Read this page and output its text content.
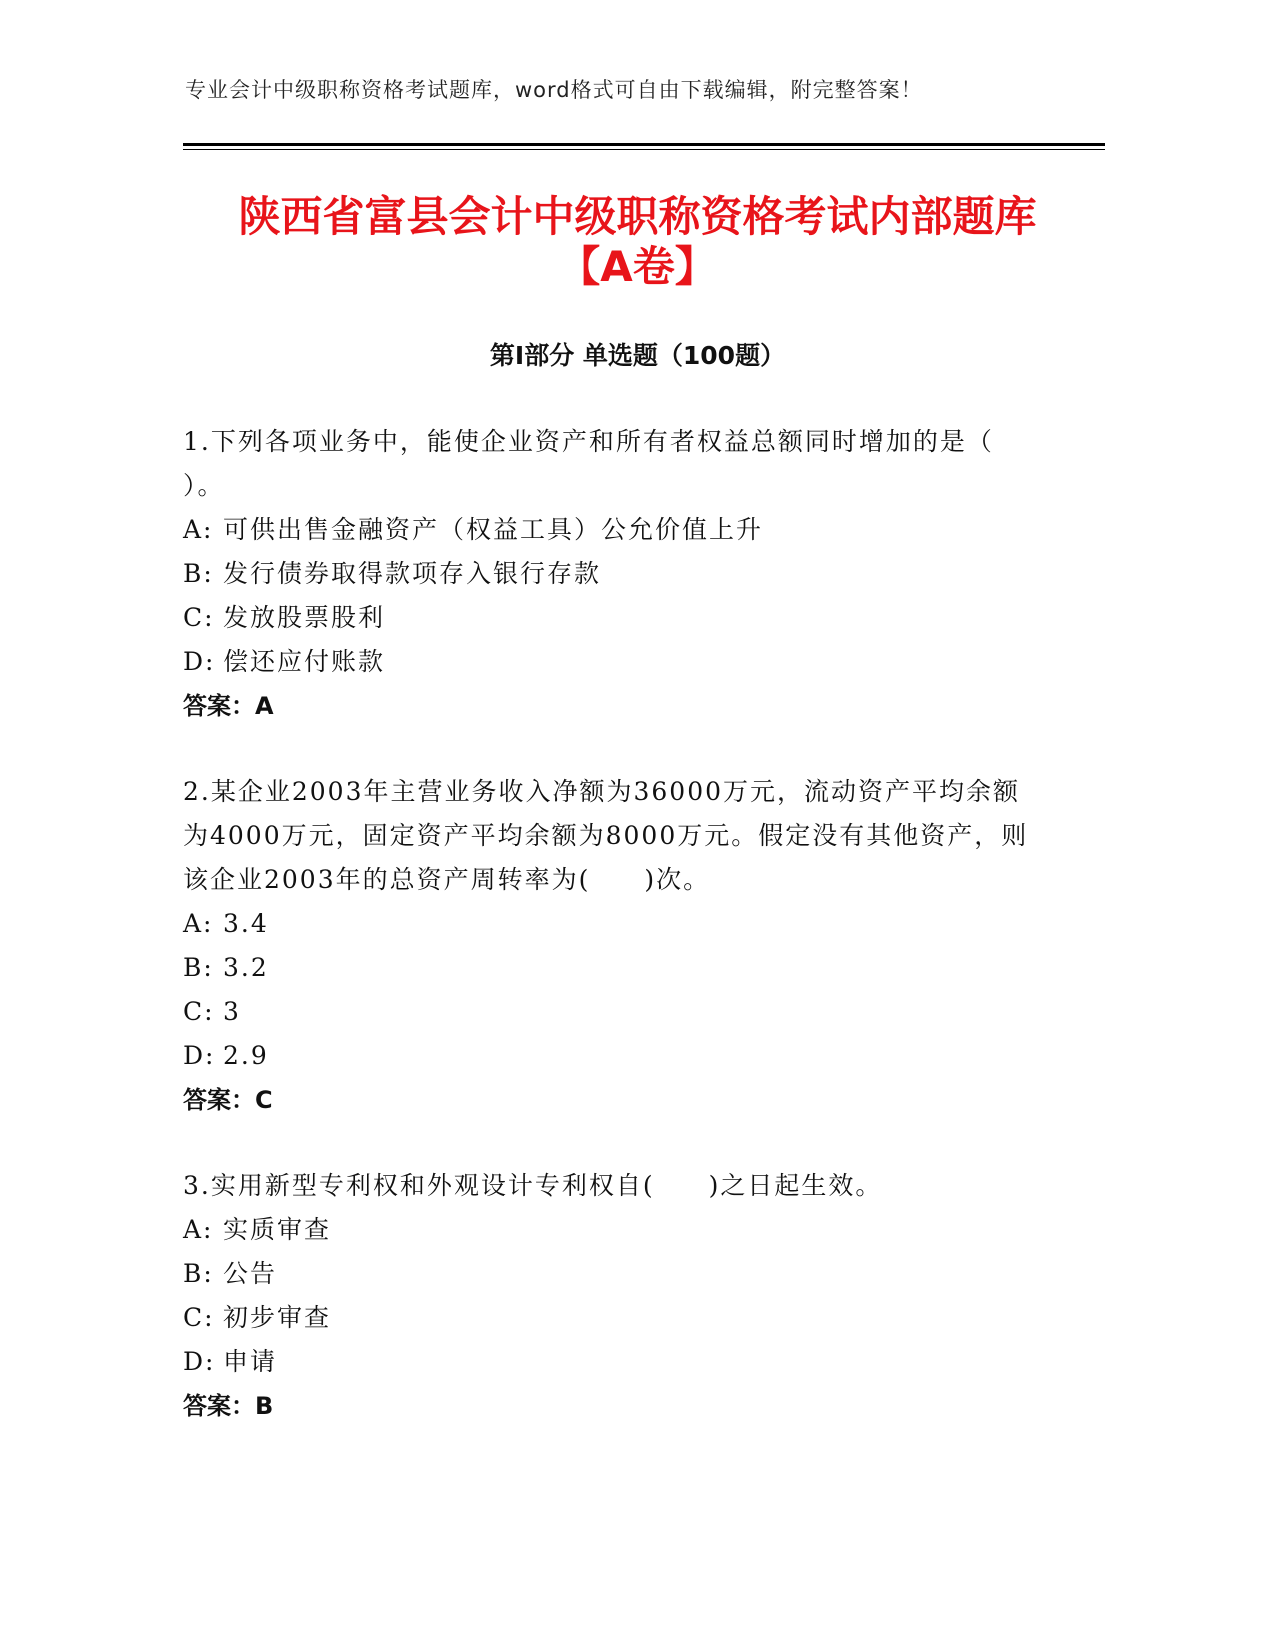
专业会计中级职称资格考试题库，word格式可自由下载编辑，附完整答案！
陕西省富县会计中级职称资格考试内部题库
【A卷】
第I部分 单选题（100题）

1.下列各项业务中，能使企业资产和所有者权益总额同时增加的是（ ）。

A: 可供出售金融资产（权益工具）公允价值上升
B: 发行债券取得款项存入银行存款
C: 发放股票股利
D: 偿还应付账款
答案：A

2.某企业2003年主营业务收入净额为36000万元，流动资产平均余额为4000万元，固定资产平均余额为8000万元。假定没有其他资产，则该企业2003年的总资产周转率为(　　)次。

A: 3.4
B: 3.2
C: 3
D: 2.9
答案：C

3.实用新型专利权和外观设计专利权自(　　)之日起生效。

A: 实质审查
B: 公告
C: 初步审查
D: 申请
答案：B
